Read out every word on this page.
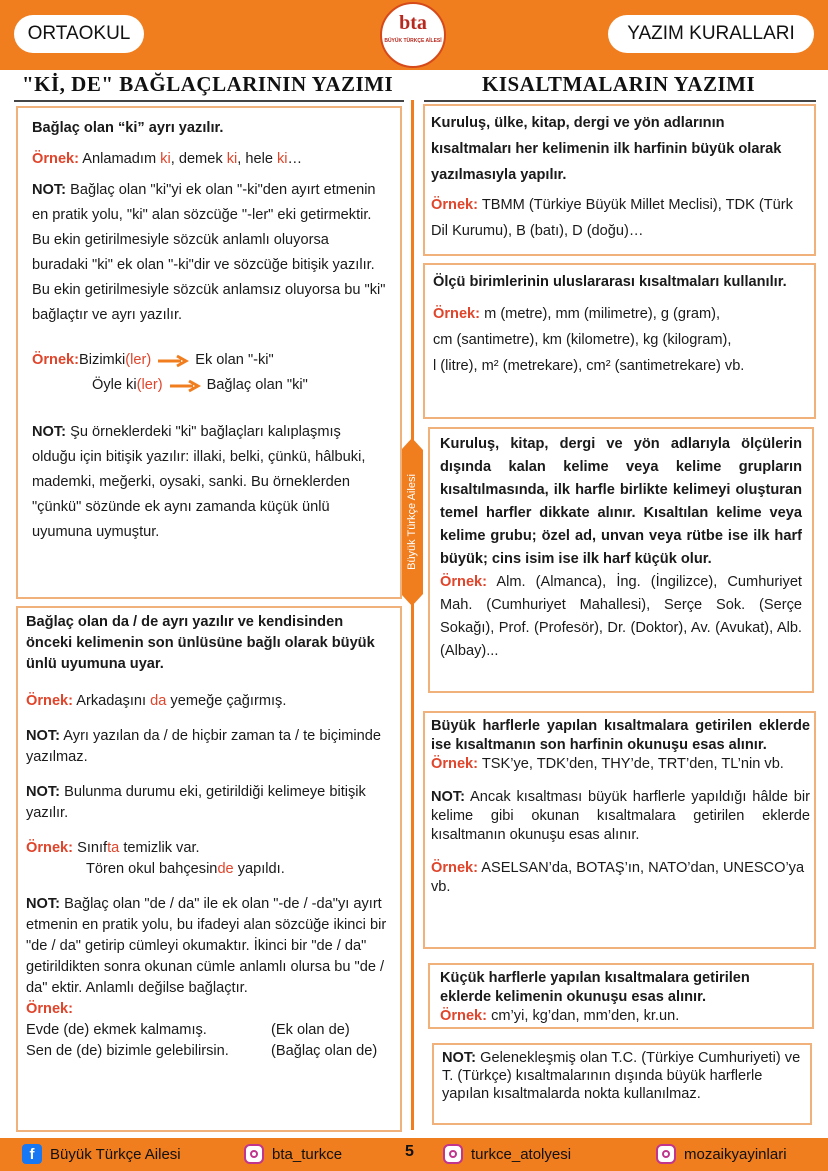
ORTAOKUL	bta
BÜYÜK TÜRKÇE AİLESİ	YAZIM KURALLARI
"Kİ, DE" BAĞLAÇLARININ YAZIMI	KISALTMALARIN YAZIMI
Büyük Türkçe Ailesi

Bağlaç olan “ki” ayrı yazılır.

Örnek: Anlamadım ki, demek ki, hele ki…

NOT: Bağlaç olan "ki"yi ek olan "-ki"den ayırt etmenin en pratik yolu, "ki" alan sözcüğe "-ler" eki getirmektir. Bu ekin getirilmesiyle sözcük anlamlı oluyorsa buradaki "ki" ek olan "-ki"dir ve sözcüğe bitişik yazılır. Bu ekin getirilmesiyle sözcük anlamsız oluyorsa bu "ki" bağlaçtır ve ayrı yazılır.

Örnek: Bizimki (ler)	Ek olan "-ki"
Öyle ki (ler)	Bağlaç olan "ki"

NOT: Şu örneklerdeki "ki" bağlaçları kalıplaşmış olduğu için bitişik yazılır: illaki, belki, çünkü, hâlbuki, mademki, meğerki, oysaki, sanki. Bu örneklerden "çünkü" sözünde ek aynı zamanda küçük ünlü uyumuna uymuştur.

Bağlaç olan da / de ayrı yazılır ve kendisinden önceki kelimenin son ünlüsüne bağlı olarak büyük ünlü uyumuna uyar.

Örnek: Arkadaşını da yemeğe çağırmış.

NOT: Ayrı yazılan da / de hiçbir zaman ta / te biçiminde yazılmaz.

NOT: Bulunma durumu eki, getirildiği kelimeye bitişik yazılır.

Örnek: Sınıfta temizlik var.

Tören okul bahçesinde yapıldı.

NOT: Bağlaç olan "de / da" ile ek olan "-de / -da"yı ayırt etmenin en pratik yolu, bu ifadeyi alan sözcüğe ikinci bir "de / da" getirip cümleyi okumaktır. İkinci bir "de / da" getirildikten sonra okunan cümle anlamlı olursa bu "de / da" ektir. Anlamlı değilse bağlaçtır.

Örnek:

Evde (de) ekmek kalmamış.	(Ek olan de)
Sen de (de) bizimle gelebilirsin.	(Bağlaç olan de)

Kuruluş, ülke, kitap, dergi ve yön adlarının kısaltmaları her kelimenin ilk harfinin büyük olarak yazılmasıyla yapılır.

Örnek: TBMM (Türkiye Büyük Millet Meclisi), TDK (Türk Dil Kurumu), B (batı), D (doğu)…

Ölçü birimlerinin uluslararası kısaltmaları kullanılır.

Örnek: m (metre), mm (milimetre), g (gram),

cm (santimetre), km (kilometre), kg (kilogram),

l (litre), m² (metrekare), cm² (santimetrekare) vb.

Kuruluş, kitap, dergi ve yön adlarıyla ölçülerin dışında kalan kelime veya kelime grupların kısaltılmasında, ilk harfle birlikte kelimeyi oluşturan temel harfler dikkate alınır. Kısaltılan kelime veya kelime grubu; özel ad, unvan veya rütbe ise ilk harf büyük; cins isim ise ilk harf küçük olur.

Örnek: Alm. (Almanca), İng. (İngilizce), Cumhuriyet Mah. (Cumhuriyet Mahallesi), Serçe Sok. (Serçe Sokağı), Prof. (Profesör), Dr. (Doktor), Av. (Avukat), Alb. (Albay)...

Büyük harflerle yapılan kısaltmalara getirilen eklerde ise kısaltmanın son harfinin okunuşu esas alınır.

Örnek: TSK’ye, TDK’den, THY’de, TRT’den, TL’nin vb.

NOT: Ancak kısaltması büyük harflerle yapıldığı hâlde bir kelime gibi okunan kısaltmalara getirilen eklerde kısaltmanın okunuşu esas alınır.

Örnek: ASELSAN’da, BOTAŞ’ın, NATO’dan, UNESCO’ya vb.

Küçük harflerle yapılan kısaltmalara getirilen eklerde kelimenin okunuşu esas alınır.

Örnek: cm’yi, kg’dan, mm’den, kr.un.

NOT: Gelenekleşmiş olan T.C. (Türkiye Cumhuriyeti) ve T. (Türkçe) kısaltmalarının dışında büyük harflerle yapılan kısaltmalarda nokta kullanılmaz.

f	Büyük Türkçe Ailesi	bta_turkce	5	turkce_atolyesi	mozaikyayinlari
